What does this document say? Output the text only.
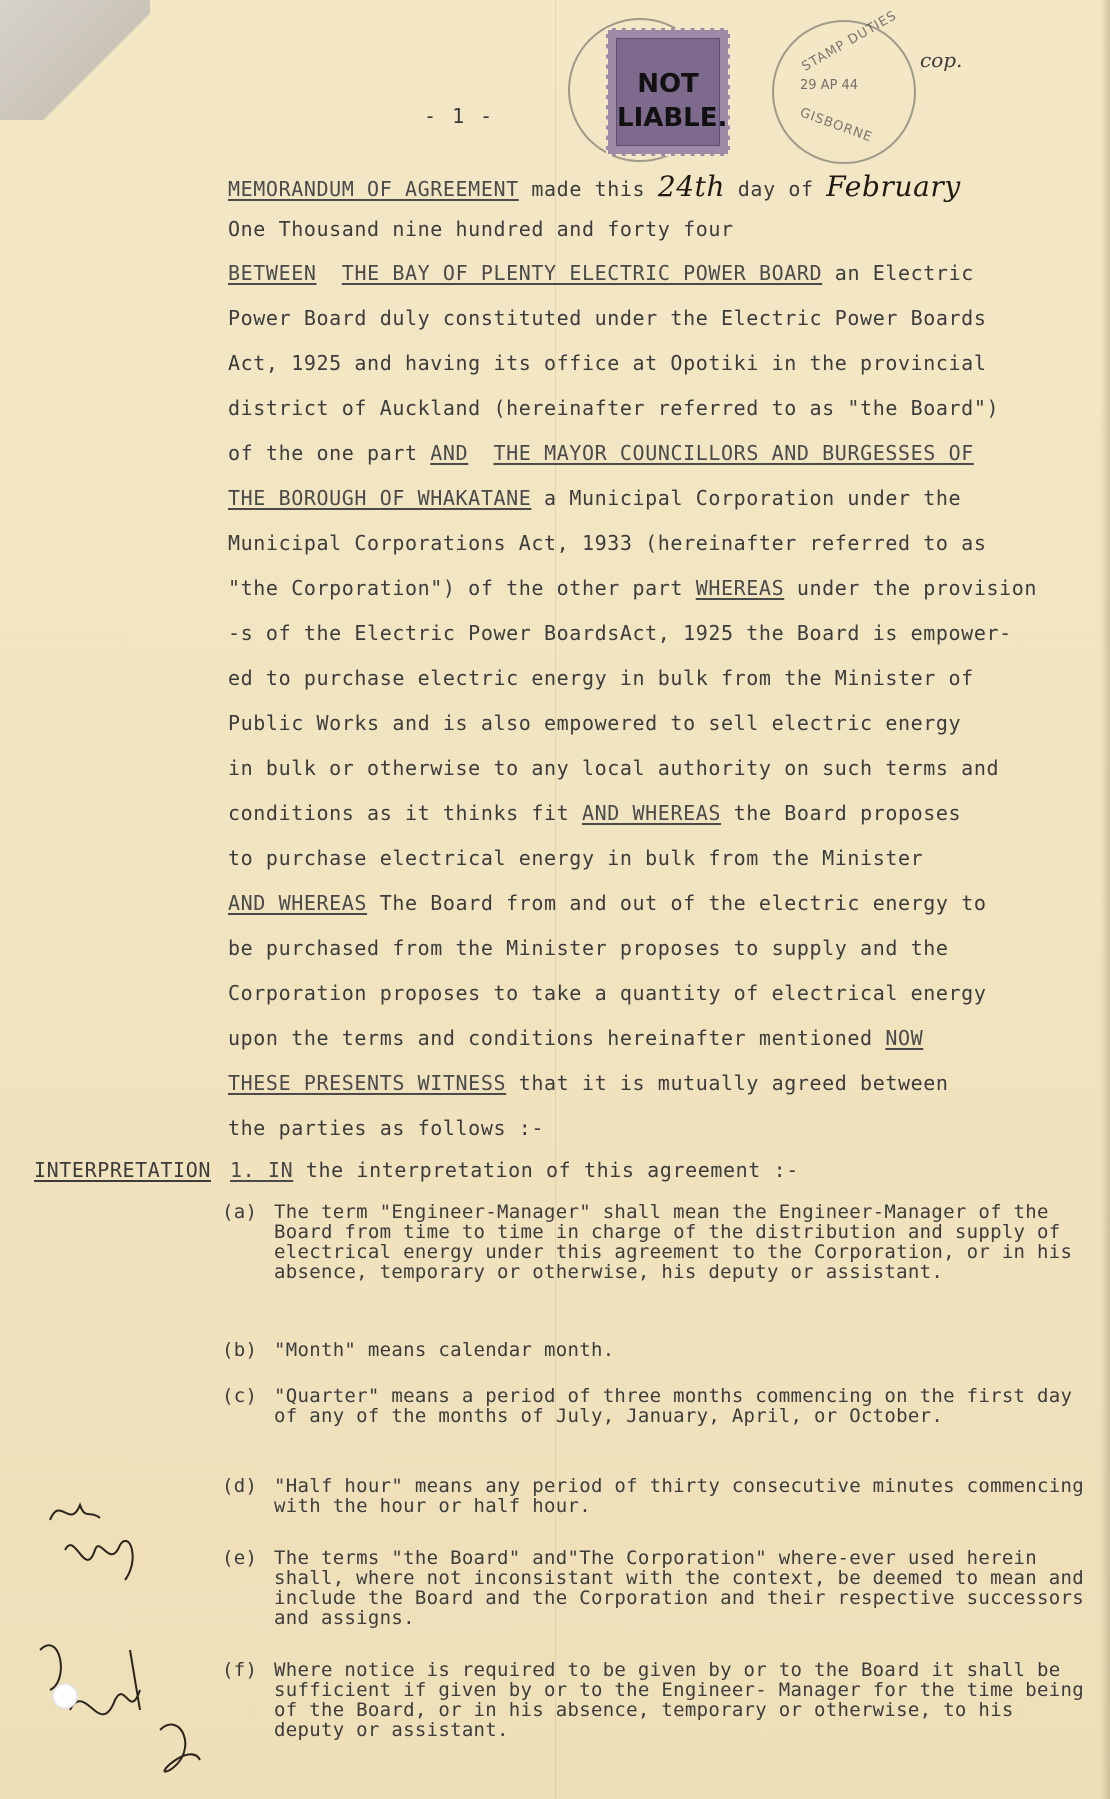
STAMP DUTIES
29 AP 44
GISBORNE
cop.
NOT
LIABLE.
- 1 -
MEMORANDUM OF AGREEMENT made this 24th day of February
One Thousand nine hundred and forty four
BETWEEN THE BAY OF PLENTY ELECTRIC POWER BOARD an Electric
Power Board duly constituted under the Electric Power Boards
Act, 1925 and having its office at Opotiki in the provincial
district of Auckland (hereinafter referred to as "the Board")
of the one part AND THE MAYOR COUNCILLORS AND BURGESSES OF
THE BOROUGH OF WHAKATANE a Municipal Corporation under the
Municipal Corporations Act, 1933 (hereinafter referred to as
"the Corporation") of the other part WHEREAS under the provision
-s of the Electric Power BoardsAct, 1925 the Board is empower-
ed to purchase electric energy in bulk from the Minister of
Public Works and is also empowered to sell electric energy
in bulk or otherwise to any local authority on such terms and
conditions as it thinks fit AND WHEREAS the Board proposes
to purchase electrical energy in bulk from the Minister
AND WHEREAS The Board from and out of the electric energy to
be purchased from the Minister proposes to supply and the
Corporation proposes to take a quantity of electrical energy
upon the terms and conditions hereinafter mentioned NOW
THESE PRESENTS WITNESS that it is mutually agreed between
the parties as follows :-
INTERPRETATION 1. IN the interpretation of this agreement :-
(a) The term "Engineer-Manager" shall mean the Engineer-Manager of the Board from time to time in charge of the distribution and supply of electrical energy under this agreement to the Corporation, or in his absence, temporary or otherwise, his deputy or assistant.
(b) "Month" means calendar month.
(c) "Quarter" means a period of three months commencing on the first day of any of the months of July, January, April, or October.
(d) "Half hour" means any period of thirty consecutive minutes commencing with the hour or half hour.
(e) The terms "the Board" and"The Corporation" where-ever used herein shall, where not inconsistant with the context, be deemed to mean and include the Board and the Corporation and their respective successors and assigns.
(f) Where notice is required to be given by or to the Board it shall be sufficient if given by or to the Engineer- Manager for the time being of the Board, or in his absence, temporary or otherwise, to his deputy or assistant.
